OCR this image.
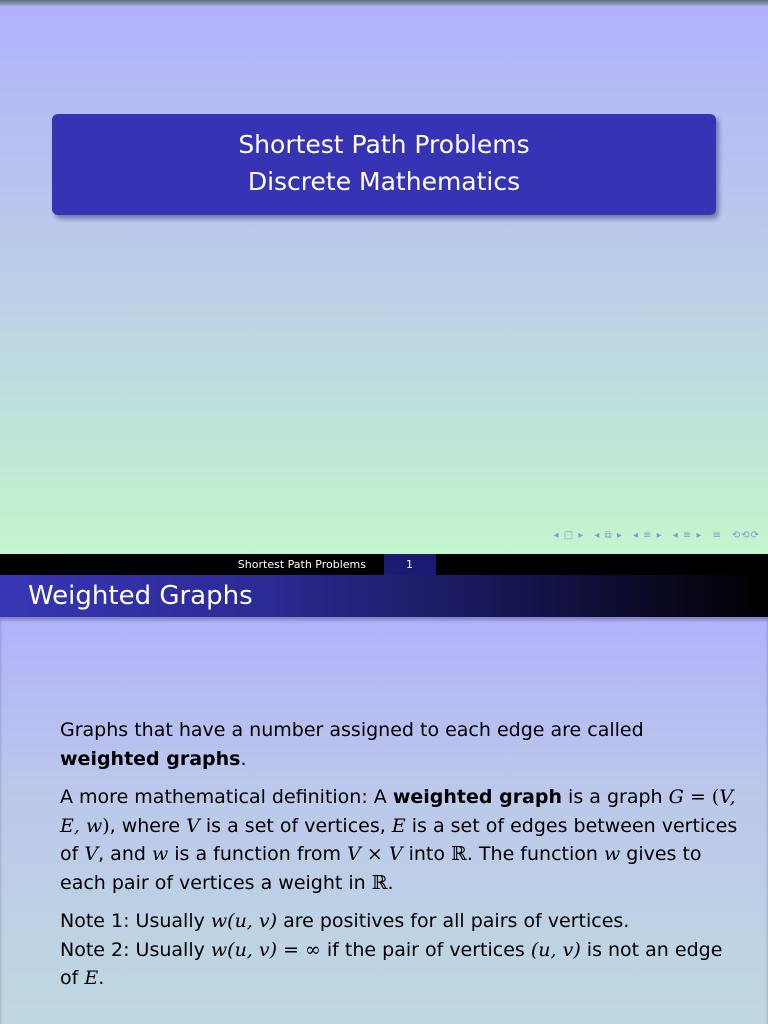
Shortest Path Problems
Discrete Mathematics
◂ □ ▸ ◂ ⧉ ▸ ◂ ≡ ▸ ◂ ≡ ▸ ≡ ⟲⟲⟳
Shortest Path Problems	1
Weighted Graphs

Graphs that have a number assigned to each edge are called weighted graphs.

A more mathematical definition: A weighted graph is a graph G = (V, E, w), where V is a set of vertices, E is a set of edges between vertices of V, and w is a function from V × V into ℝ. The function w gives to each pair of vertices a weight in ℝ.

Note 1: Usually w(u, v) are positives for all pairs of vertices.
Note 2: Usually w(u, v) = ∞ if the pair of vertices (u, v) is not an edge of E.
